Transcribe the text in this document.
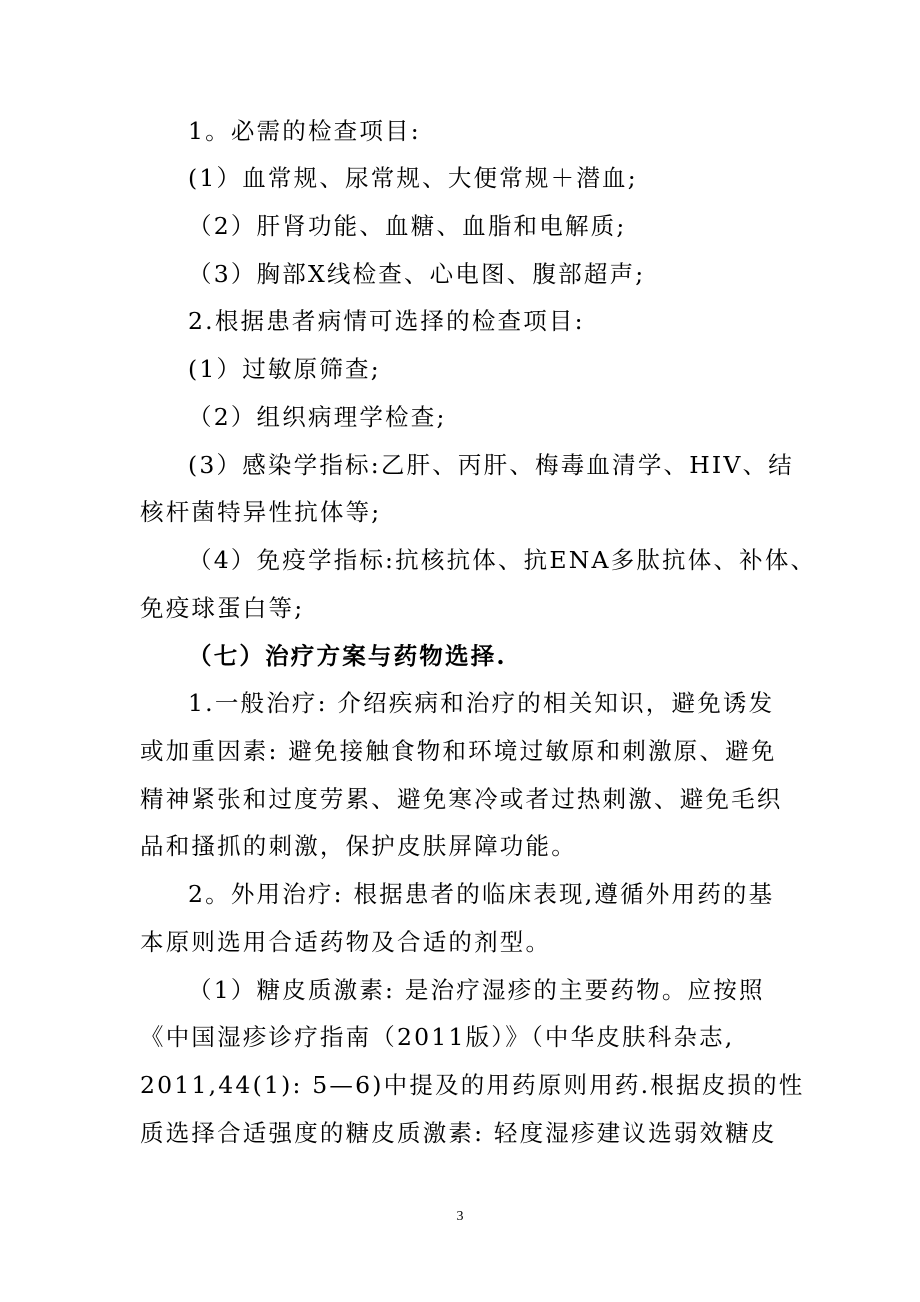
1。必需的检查项目:
(1）血常规、尿常规、大便常规＋潜血;
（2）肝肾功能、血糖、血脂和电解质;
（3）胸部X线检查、心电图、腹部超声;
2.根据患者病情可选择的检查项目:
(1）过敏原筛查;
（2）组织病理学检查;
(3）感染学指标:乙肝、丙肝、梅毒血清学、HIV、结
核杆菌特异性抗体等;
（4）免疫学指标:抗核抗体、抗ENA多肽抗体、补体、
免疫球蛋白等;
（七）治疗方案与药物选择.
1.一般治疗: 介绍疾病和治疗的相关知识，避免诱发
或加重因素: 避免接触食物和环境过敏原和刺激原、避免
精神紧张和过度劳累、避免寒冷或者过热刺激、避免毛织
品和搔抓的刺激，保护皮肤屏障功能。
2。外用治疗: 根据患者的临床表现,遵循外用药的基
本原则选用合适药物及合适的剂型。
（1）糖皮质激素: 是治疗湿疹的主要药物。应按照
《中国湿疹诊疗指南（2011版）》（中华皮肤科杂志,
2011,44(1): 5—6)中提及的用药原则用药.根据皮损的性
质选择合适强度的糖皮质激素: 轻度湿疹建议选弱效糖皮
3
